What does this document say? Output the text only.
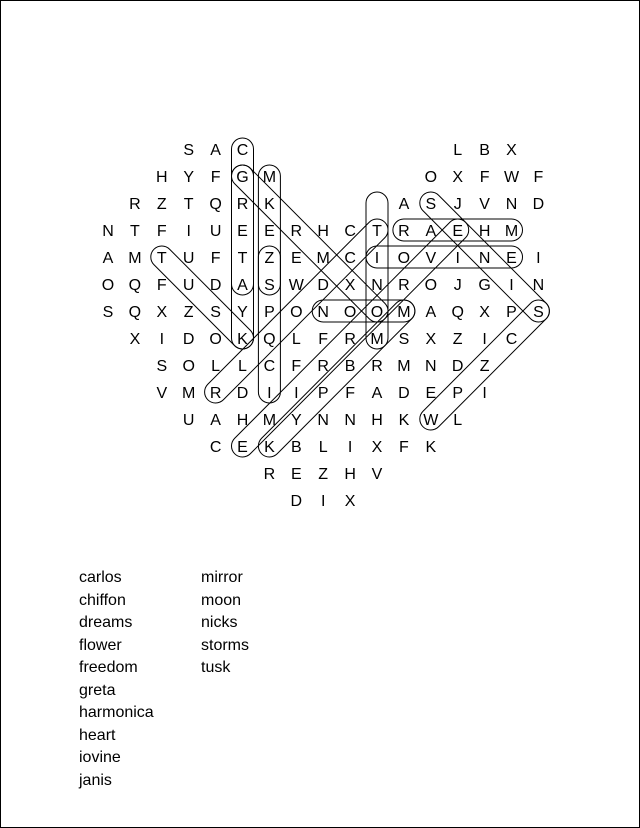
S A C	L B X
H Y F G M	O X F W F
R Z T Q R K	A S J V N D
N T F I U E E R H C T R A E H M
A M T U F T Z E M C I O V I N E I
O Q F U D A S W D X N R O J G I N
S Q X Z S Y P O N O O M A Q X P S
X I D O K Q L F R M S X Z I C
S O L L C F R B R M N D Z
V M R D I I P F A D E P I
U A H M Y N N H K W L
C E K B L I X F K
R E Z H V
D I X
carlos
chiffon
dreams
flower
freedom
greta
harmonica
heart
iovine
janis
mirror
moon
nicks
storms
tusk
